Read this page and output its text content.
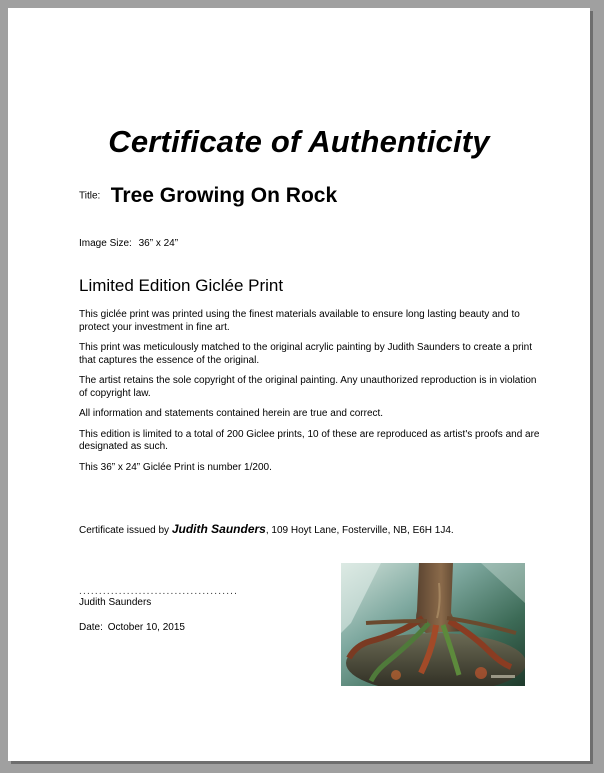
Certificate of Authenticity
Title: Tree Growing On Rock
Image Size: 36” x 24”
Limited Edition Giclée Print

This giclée print was printed using the finest materials available to ensure long lasting beauty and to protect your investment in fine art.

This print was meticulously matched to the original acrylic painting by Judith Saunders to create a print that captures the essence of the original.

The artist retains the sole copyright of the original painting. Any unauthorized reproduction is in violation of copyright law.

All information and statements contained herein are true and correct.

This edition is limited to a total of 200 Giclee prints, 10 of these are reproduced as artist's proofs and are designated as such.

This 36” x 24” Giclée Print is number 1/200.

Certificate issued by Judith Saunders, 109 Hoyt Lane, Fosterville, NB, E6H 1J4.
........................................
Judith Saunders
Date: October 10, 2015
